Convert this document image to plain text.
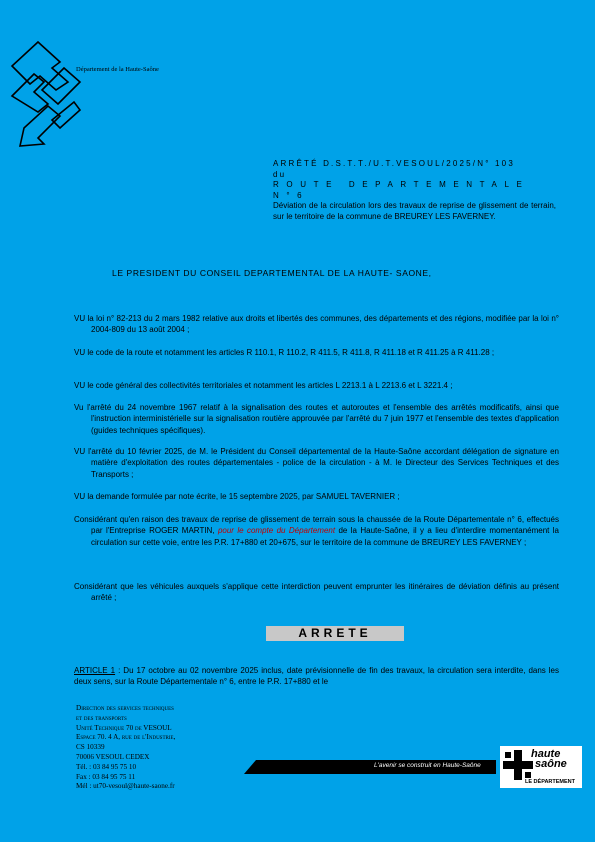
Département de la Haute-Saône
ARRÊTÉ D.S.T.T./U.T.VESOUL/2025/N° 103
du
ROUTE DEPARTEMENTALE N°6
Déviation de la circulation lors des travaux de reprise de glissement de terrain, sur le territoire de la commune de BREUREY LES FAVERNEY.
LE PRESIDENT DU CONSEIL DEPARTEMENTAL DE LA HAUTE- SAONE,
VU la loi n° 82-213 du 2 mars 1982 relative aux droits et libertés des communes, des départements et des régions, modifiée par la loi n° 2004-809 du 13 août 2004 ;
VU le code de la route et notamment les articles R 110.1, R 110.2, R 411.5, R 411.8, R 411.18 et R 411.25 à R 411.28 ;
VU le code général des collectivités territoriales et notamment les articles L 2213.1 à L 2213.6 et L 3221.4 ;
Vu l'arrêté du 24 novembre 1967 relatif à la signalisation des routes et autoroutes et l'ensemble des arrêtés modificatifs, ainsi que l'instruction interministérielle sur la signalisation routière approuvée par l'arrêté du 7 juin 1977 et l'ensemble des textes d'application (guides techniques spécifiques).
VU l'arrêté du 10 février 2025, de M. le Président du Conseil départemental de la Haute-Saône accordant délégation de signature en matière d'exploitation des routes départementales - police de la circulation - à M. le Directeur des Services Techniques et des Transports ;
VU la demande formulée par note écrite, le 15 septembre 2025, par SAMUEL TAVERNIER ;
Considérant qu'en raison des travaux de reprise de glissement de terrain sous la chaussée de la Route Départementale n° 6, effectués par l'Entreprise ROGER MARTIN, pour le compte du Département de la Haute-Saône, il y a lieu d'interdire momentanément la circulation sur cette voie, entre les P.R. 17+880 et 20+675, sur le territoire de la commune de BREUREY LES FAVERNEY ;
Considérant que les véhicules auxquels s'applique cette interdiction peuvent emprunter les itinéraires de déviation définis au présent arrêté ;
ARRETE
ARTICLE 1 : Du 17 octobre au 02 novembre 2025 inclus, date prévisionnelle de fin des travaux, la circulation sera interdite, dans les deux sens, sur la Route Départementale n° 6, entre le P.R. 17+880 et le
Direction des services techniques
et des transports
Unité Technique 70 de VESOUL
Espace 70. 4 A, rue de l'Industrie,
CS 10339
70006 VESOUL CEDEX
Tél. : 03 84 95 75 10
Fax : 03 84 95 75 11
Mél : ut70-vesoul@haute-saone.fr
L'avenir se construit en Haute-Saône
haute
saône
LE DÉPARTEMENT
